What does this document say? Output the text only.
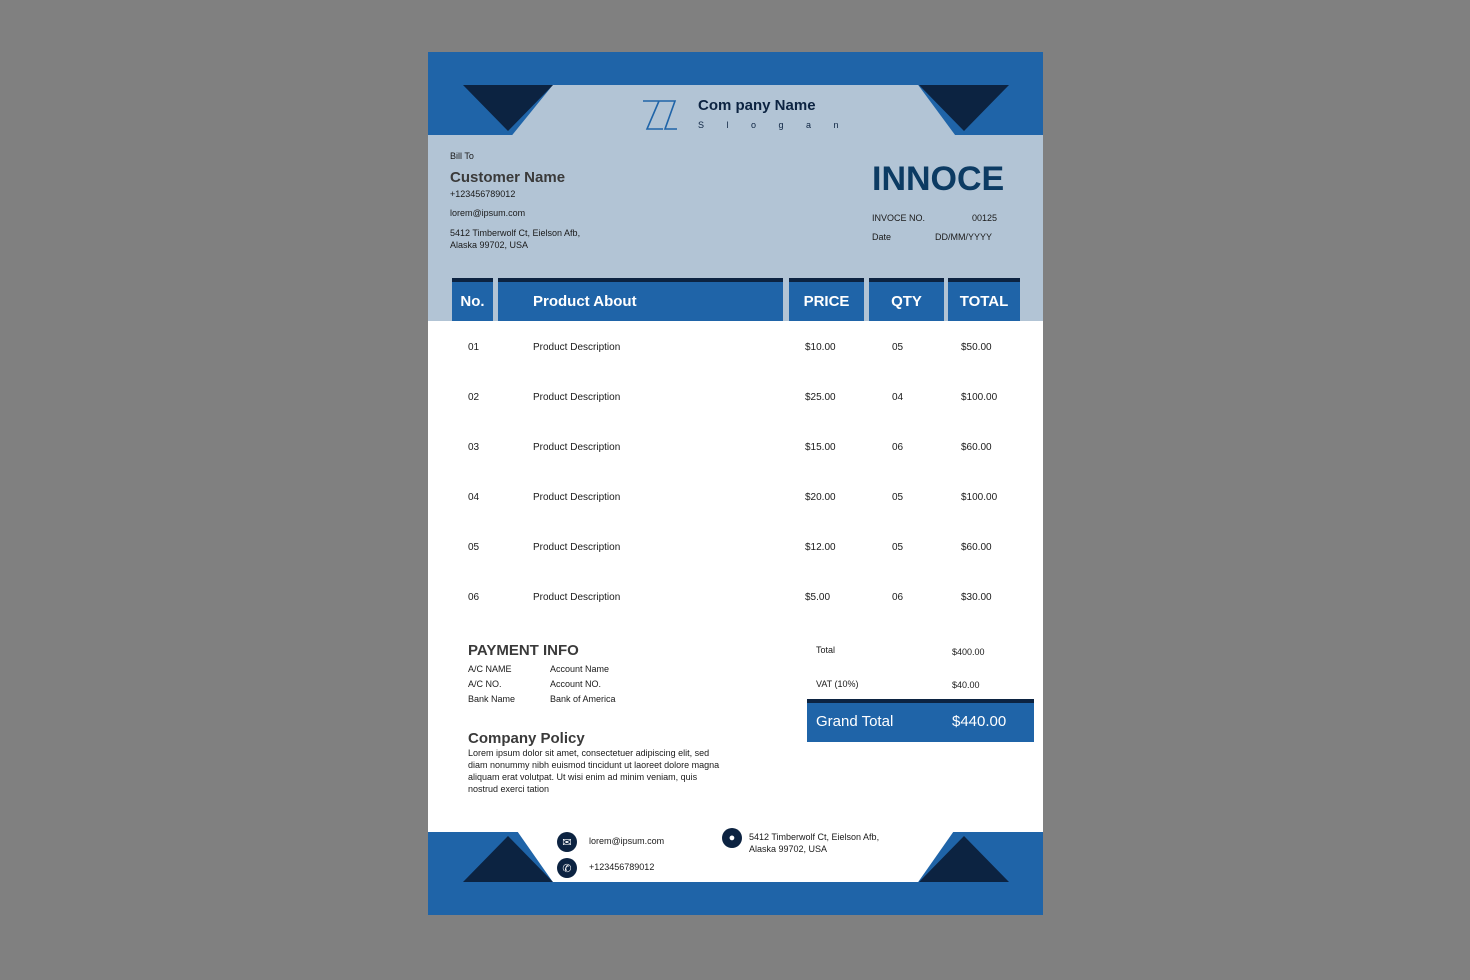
Com pany Name
S l o g a n
Bill To
Customer Name
+123456789012
lorem@ipsum.com
5412 Timberwolf Ct, Eielson Afb,
Alaska 99702, USA
INNOCE
INVOCE NO.	00125
Date	DD/MM/YYYY
No.	Product About	PRICE	QTY	TOTAL
01	Product Description	$10.00	05	$50.00
02	Product Description	$25.00	04	$100.00
03	Product Description	$15.00	06	$60.00
04	Product Description	$20.00	05	$100.00
05	Product Description	$12.00	05	$60.00
06	Product Description	$5.00	06	$30.00
PAYMENT INFO
A/C NAME	Account Name
A/C NO.	Account NO.
Bank Name	Bank of America
Company Policy
Lorem ipsum dolor sit amet, consectetuer adipiscing elit, sed
diam nonummy nibh euismod tincidunt ut laoreet dolore magna
aliquam erat volutpat. Ut wisi enim ad minim veniam, quis
nostrud exerci tation
Total	$400.00
VAT (10%)	$40.00
Grand Total	$440.00
✉	lorem@ipsum.com
✆	+123456789012
●	5412 Timberwolf Ct, Eielson Afb,
Alaska 99702, USA
